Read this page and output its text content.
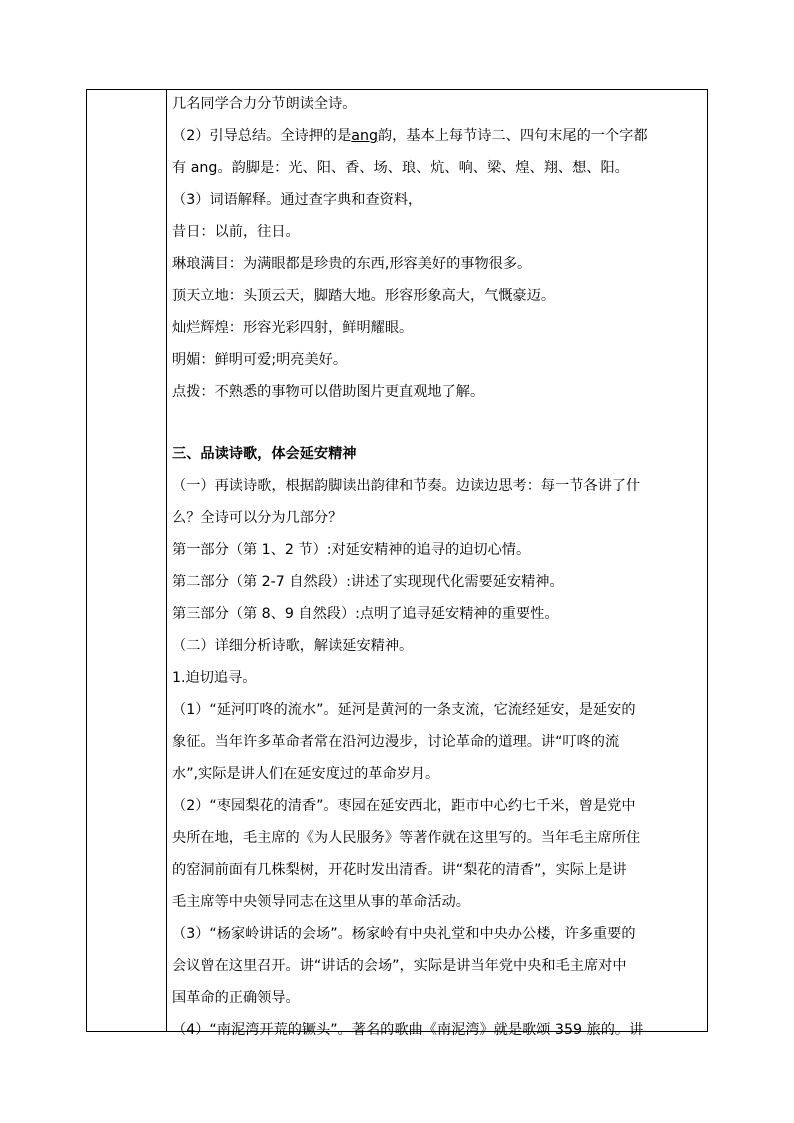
几名同学合力分节朗读全诗。
（2）引导总结。全诗押的是ang韵，基本上每节诗二、四句末尾的一个字都
有 ang。韵脚是：光、阳、香、场、琅、炕、响、梁、煌、翔、想、阳。
（3）词语解释。通过查字典和查资料，
昔日：以前，往日。
琳琅满目：为满眼都是珍贵的东西,形容美好的事物很多。
顶天立地：头顶云天，脚踏大地。形容形象高大，气慨豪迈。
灿烂辉煌：形容光彩四射，鲜明耀眼。
明媚：鲜明可爱;明亮美好。
点拨：不熟悉的事物可以借助图片更直观地了解。
三、品读诗歌，体会延安精神
（一）再读诗歌，根据韵脚读出韵律和节奏。边读边思考：每一节各讲了什
么？全诗可以分为几部分？
第一部分（第 1、2 节）:对延安精神的追寻的迫切心情。
第二部分（第 2-7 自然段）:讲述了实现现代化需要延安精神。
第三部分（第 8、9 自然段）:点明了追寻延安精神的重要性。
（二）详细分析诗歌，解读延安精神。
1.迫切追寻。
（1）“延河叮咚的流水”。延河是黄河的一条支流，它流经延安，是延安的
象征。当年许多革命者常在沿河边漫步，讨论革命的道理。讲“叮咚的流
水”,实际是讲人们在延安度过的革命岁月。
（2）“枣园梨花的清香”。枣园在延安西北，距市中心约七千米，曾是党中
央所在地，毛主席的《为人民服务》等著作就在这里写的。当年毛主席所住
的窑洞前面有几株梨树，开花时发出清香。讲“梨花的清香”，实际上是讲
毛主席等中央领导同志在这里从事的革命活动。
（3）“杨家岭讲话的会场”。杨家岭有中央礼堂和中央办公楼，许多重要的
会议曾在这里召开。讲“讲话的会场”，实际是讲当年党中央和毛主席对中
国革命的正确领导。
（4）“南泥湾开荒的镢头”。著名的歌曲《南泥湾》就是歌颂 359 旅的。讲
